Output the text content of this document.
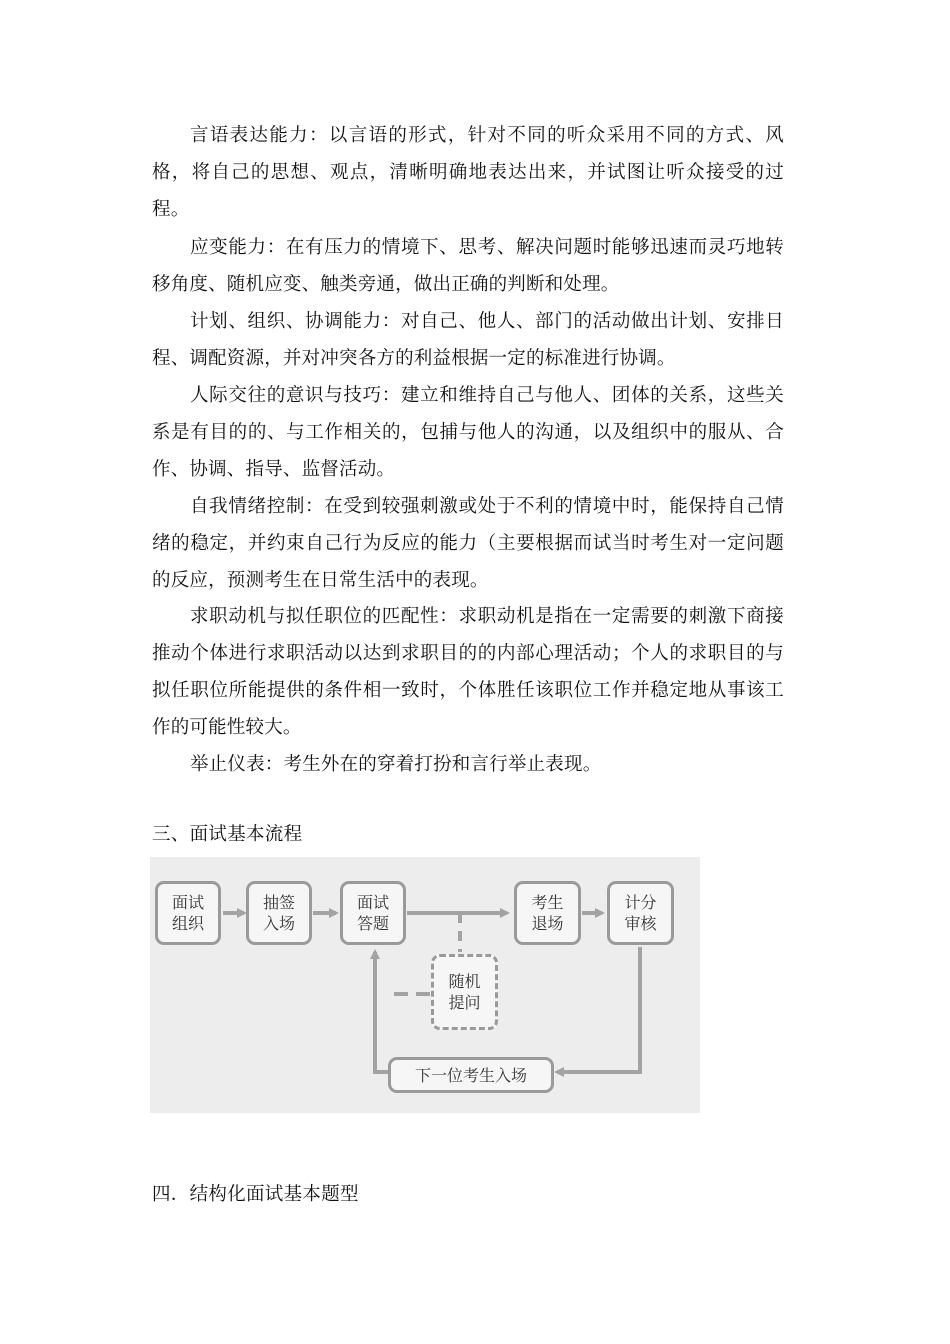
言语表达能力：以言语的形式，针对不同的听众采用不同的方式、风格，将自己的思想、观点，清晰明确地表达出来，并试图让听众接受的过程。

应变能力：在有压力的情境下、思考、解决问题时能够迅速而灵巧地转移角度、随机应变、触类旁通，做出正确的判断和处理。

计划、组织、协调能力：对自己、他人、部门的活动做出计划、安排日程、调配资源，并对冲突各方的利益根据一定的标准进行协调。

人际交往的意识与技巧：建立和维持自己与他人、团体的关系，这些关系是有目的的、与工作相关的，包捕与他人的沟通，以及组织中的服从、合作、协调、指导、监督活动。

自我情绪控制：在受到较强刺激或处于不利的情境中时，能保持自己情绪的稳定，并约束自己行为反应的能力（主要根据而试当时考生对一定问题的反应，预测考生在日常生活中的表现。

求职动机与拟任职位的匹配性：求职动机是指在一定需要的刺激下商接推动个体进行求职活动以达到求职目的的内部心理活动；个人的求职目的与拟任职位所能提供的条件相一致时，个体胜任该职位工作并稳定地从事该工作的可能性较大。

举止仪表：考生外在的穿着打扮和言行举止表现。

三、面试基本流程
面试
组织
抽签
入场
面试
答题
随机
提问
考生
退场
计分
审核
下一位考生入场
四．结构化面试基本题型
